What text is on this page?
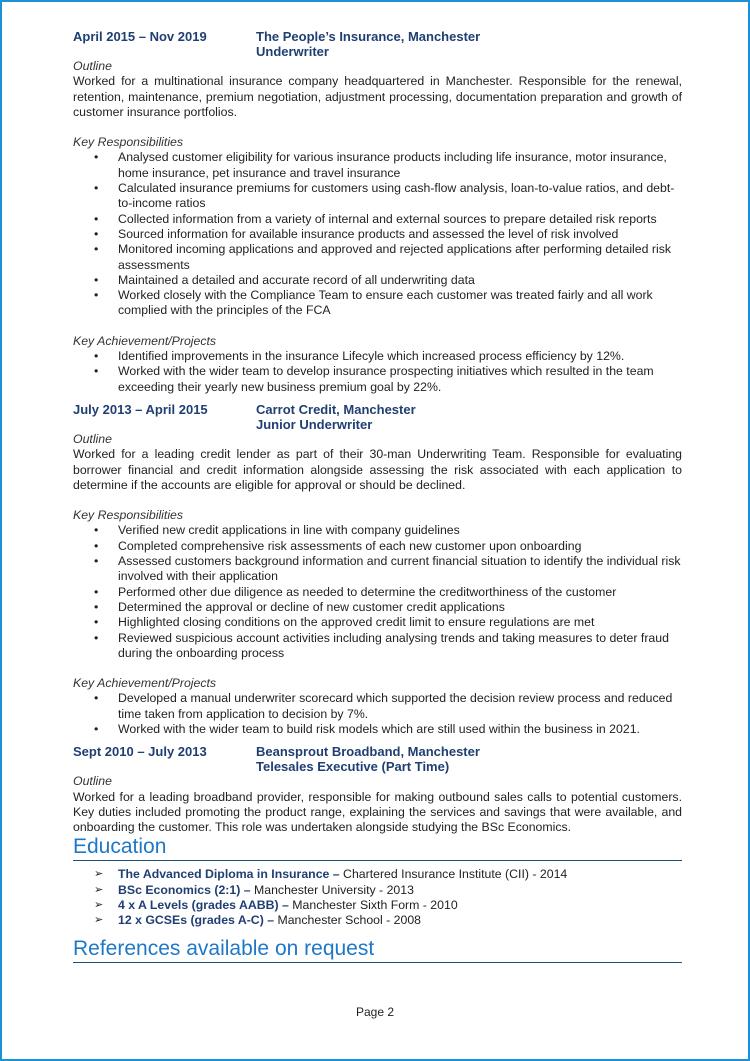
April 2015 – Nov 2019	The People’s Insurance, Manchester
Underwriter
Outline

Worked for a multinational insurance company headquartered in Manchester. Responsible for the renewal, retention, maintenance, premium negotiation, adjustment processing, documentation preparation and growth of customer insurance portfolios.

Key Responsibilities
• Analysed customer eligibility for various insurance products including life insurance, motor insurance, home insurance, pet insurance and travel insurance
• Calculated insurance premiums for customers using cash-flow analysis, loan-to-value ratios, and debt-to-income ratios
• Collected information from a variety of internal and external sources to prepare detailed risk reports
• Sourced information for available insurance products and assessed the level of risk involved
• Monitored incoming applications and approved and rejected applications after performing detailed risk assessments
• Maintained a detailed and accurate record of all underwriting data
• Worked closely with the Compliance Team to ensure each customer was treated fairly and all work complied with the principles of the FCA
Key Achievement/Projects
• Identified improvements in the insurance Lifecyle which increased process efficiency by 12%.
• Worked with the wider team to develop insurance prospecting initiatives which resulted in the team exceeding their yearly new business premium goal by 22%.
July 2013 – April 2015	Carrot Credit, Manchester
Junior Underwriter
Outline

Worked for a leading credit lender as part of their 30-man Underwriting Team. Responsible for evaluating borrower financial and credit information alongside assessing the risk associated with each application to determine if the accounts are eligible for approval or should be declined.

Key Responsibilities
• Verified new credit applications in line with company guidelines
• Completed comprehensive risk assessments of each new customer upon onboarding
• Assessed customers background information and current financial situation to identify the individual risk involved with their application
• Performed other due diligence as needed to determine the creditworthiness of the customer
• Determined the approval or decline of new customer credit applications
• Highlighted closing conditions on the approved credit limit to ensure regulations are met
• Reviewed suspicious account activities including analysing trends and taking measures to deter fraud during the onboarding process
Key Achievement/Projects
• Developed a manual underwriter scorecard which supported the decision review process and reduced time taken from application to decision by 7%.
• Worked with the wider team to build risk models which are still used within the business in 2021.
Sept 2010 – July 2013	Beansprout Broadband, Manchester
Telesales Executive (Part Time)
Outline

Worked for a leading broadband provider, responsible for making outbound sales calls to potential customers. Key duties included promoting the product range, explaining the services and savings that were available, and onboarding the customer. This role was undertaken alongside studying the BSc Economics.

Education
➢ The Advanced Diploma in Insurance – Chartered Insurance Institute (CII) - 2014
➢ BSc Economics (2:1) – Manchester University - 2013
➢ 4 x A Levels (grades AABB) – Manchester Sixth Form - 2010
➢ 12 x GCSEs (grades A-C) – Manchester School - 2008
References available on request
Page 2
